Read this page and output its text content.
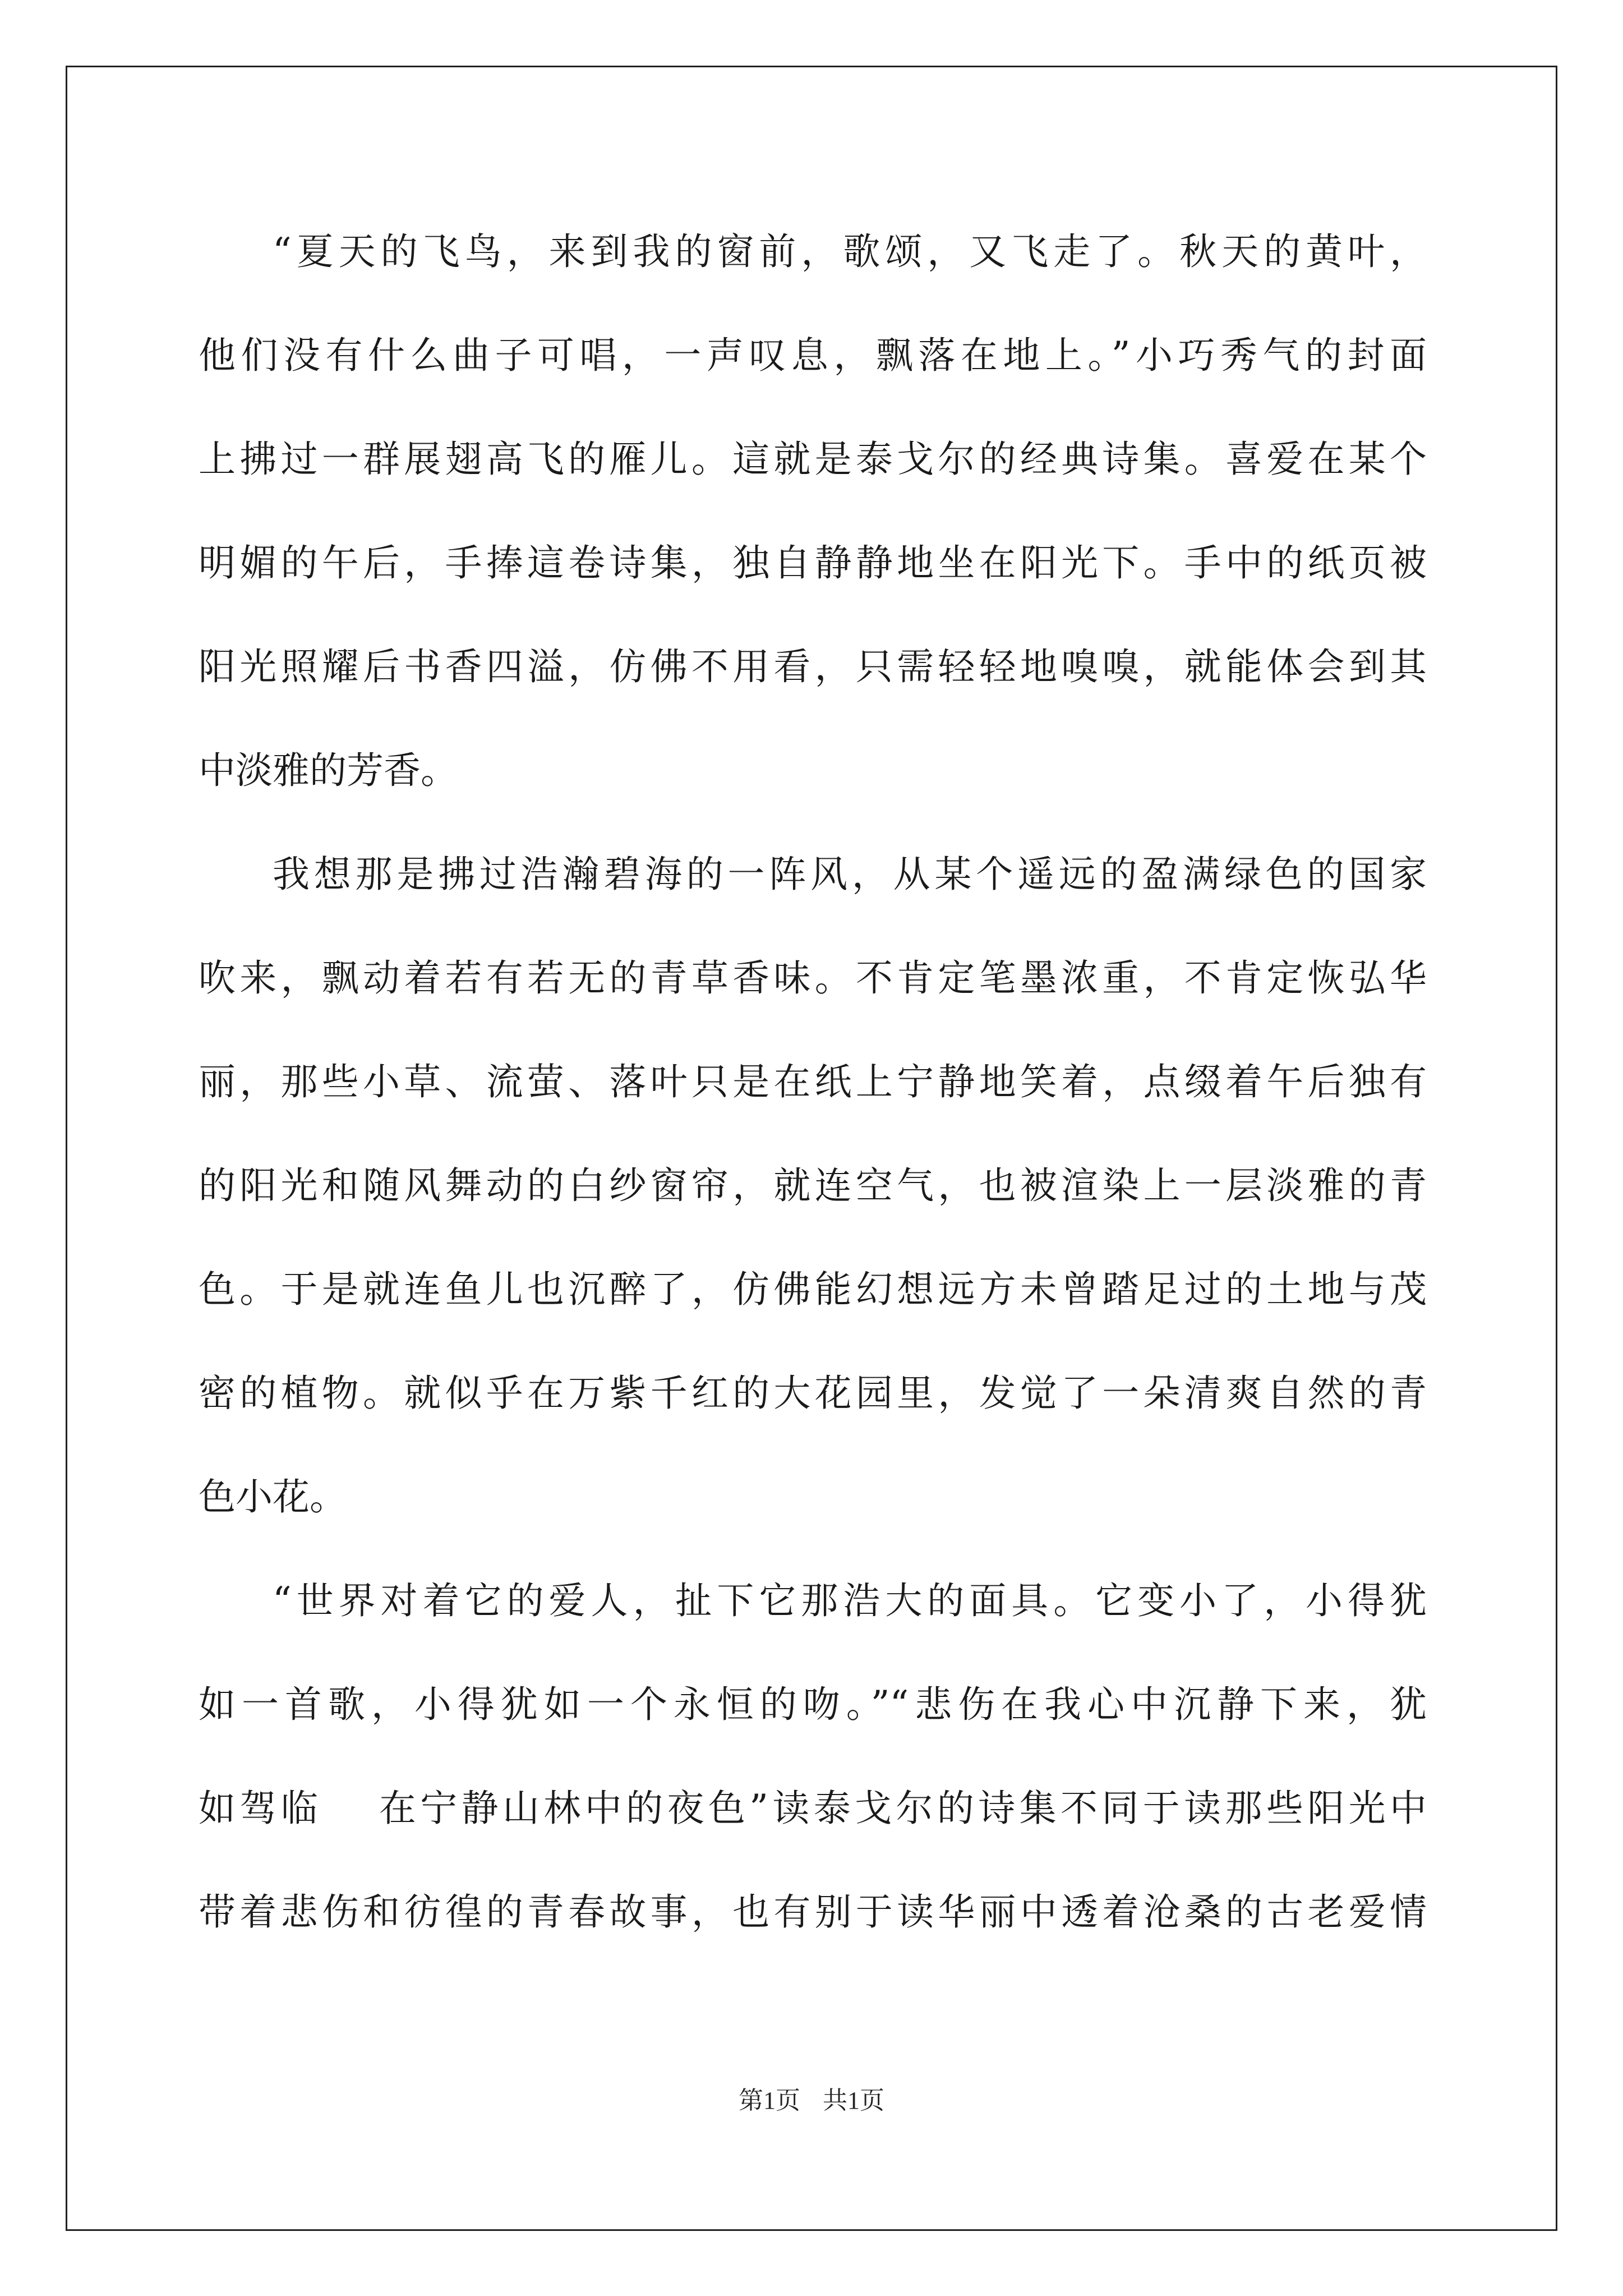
“夏天的飞鸟，来到我的窗前，歌颂，又飞走了。秋天的黄叶，
他们没有什么曲子可唱，一声叹息，飘落在地上。”小巧秀气的封面
上拂过一群展翅高飞的雁儿。這就是泰戈尔的经典诗集。喜爱在某个
明媚的午后，手捧這卷诗集，独自静静地坐在阳光下。手中的纸页被
阳光照耀后书香四溢，仿佛不用看，只需轻轻地嗅嗅，就能体会到其
中淡雅的芳香。
我想那是拂过浩瀚碧海的一阵风，从某个遥远的盈满绿色的国家
吹来，飘动着若有若无的青草香味。不肯定笔墨浓重，不肯定恢弘华
丽，那些小草、流萤、落叶只是在纸上宁静地笑着，点缀着午后独有
的阳光和随风舞动的白纱窗帘，就连空气，也被渲染上一层淡雅的青
色。于是就连鱼儿也沉醉了，仿佛能幻想远方未曾踏足过的土地与茂
密的植物。就似乎在万紫千红的大花园里，发觉了一朵清爽自然的青
色小花。
“世界对着它的爱人，扯下它那浩大的面具。它变小了，小得犹
如一首歌，小得犹如一个永恒的吻。”“悲伤在我心中沉静下来，犹
如驾临　 在宁静山林中的夜色”读泰戈尔的诗集不同于读那些阳光中
带着悲伤和彷徨的青春故事，也有别于读华丽中透着沧桑的古老爱情
第1页 共1页
